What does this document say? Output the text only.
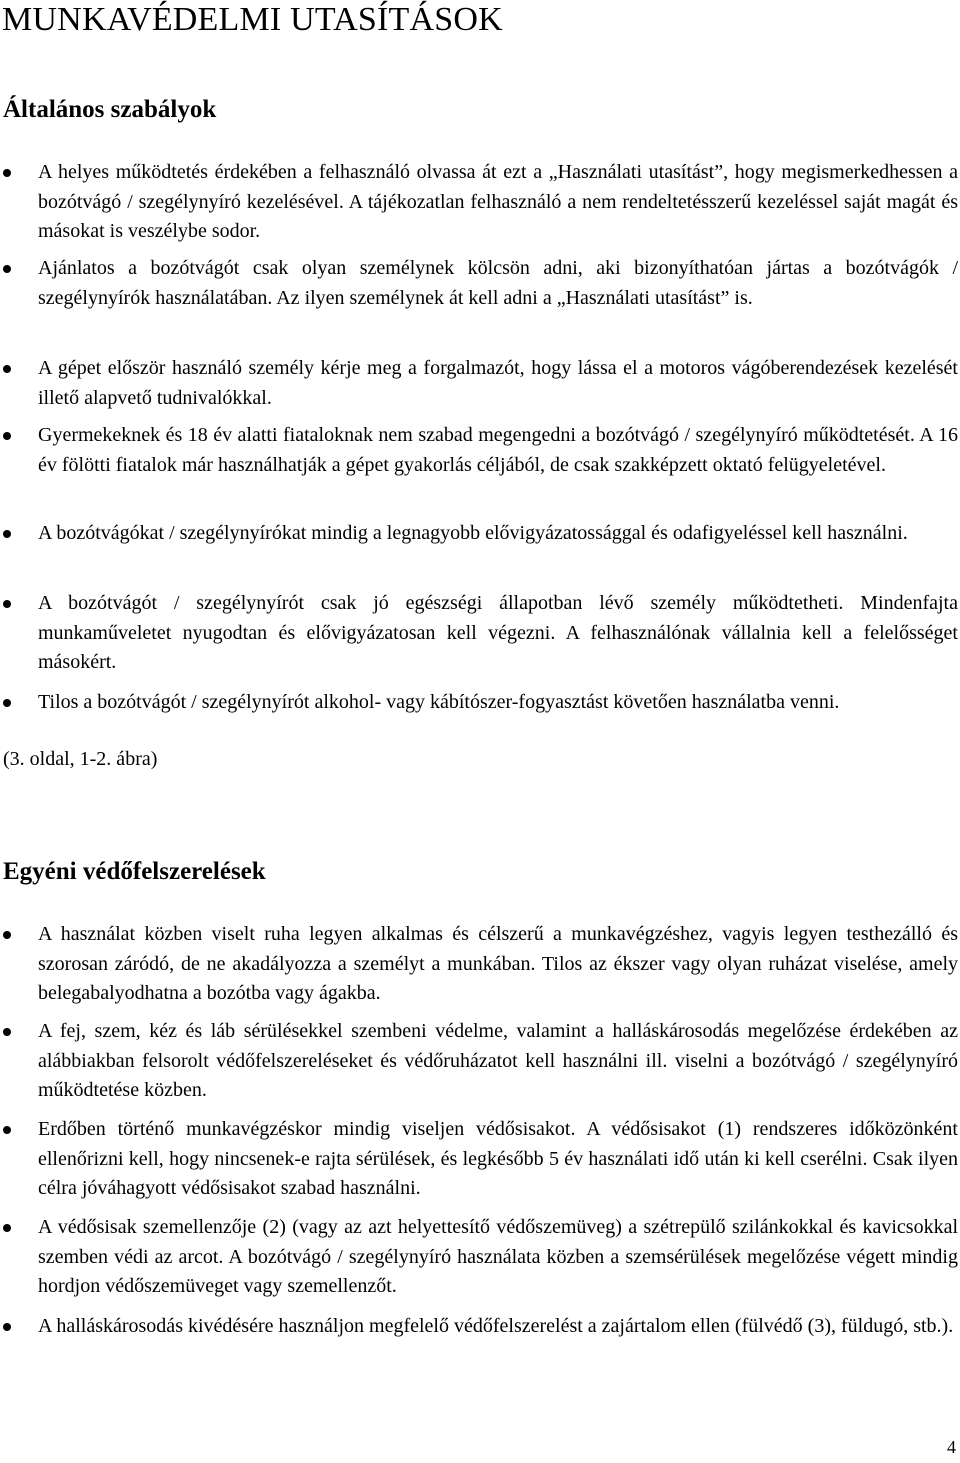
MUNKAVÉDELMI UTASÍTÁSOK
Általános szabályok
A helyes működtetés érdekében a felhasználó olvassa át ezt a „Használati utasítást”, hogy megismerkedhessen a bozótvágó / szegélynyíró kezelésével. A tájékozatlan felhasználó a nem rendeltetésszerű kezeléssel saját magát és másokat is veszélybe sodor.
Ajánlatos a bozótvágót csak olyan személynek kölcsön adni, aki bizonyíthatóan jártas a bozótvágók / szegélynyírók használatában. Az ilyen személynek át kell adni a „Használati utasítást” is.
A gépet először használó személy kérje meg a forgalmazót, hogy lássa el a motoros vágóberendezések kezelését illető alapvető tudnivalókkal.
Gyermekeknek és 18 év alatti fiataloknak nem szabad megengedni a bozótvágó / szegélynyíró működtetését. A 16 év fölötti fiatalok már használhatják a gépet gyakorlás céljából, de csak szakképzett oktató felügyeletével.
A bozótvágókat / szegélynyírókat mindig a legnagyobb elővigyázatossággal és odafigyeléssel kell használni.
A bozótvágót / szegélynyírót csak jó egészségi állapotban lévő személy működtetheti. Mindenfajta munkaműveletet nyugodtan és elővigyázatosan kell végezni. A felhasználónak vállalnia kell a felelősséget másokért.
Tilos a bozótvágót / szegélynyírót alkohol- vagy kábítószer-fogyasztást követően használatba venni.

(3. oldal, 1-2. ábra)

Egyéni védőfelszerelések
A használat közben viselt ruha legyen alkalmas és célszerű a munkavégzéshez, vagyis legyen testhezálló és szorosan záródó, de ne akadályozza a személyt a munkában. Tilos az ékszer vagy olyan ruházat viselése, amely belegabalyodhatna a bozótba vagy ágakba.
A fej, szem, kéz és láb sérülésekkel szembeni védelme, valamint a halláskárosodás megelőzése érdekében az alábbiakban felsorolt védőfelszereléseket és védőruházatot kell használni ill. viselni a bozótvágó / szegélynyíró működtetése közben.
Erdőben történő munkavégzéskor mindig viseljen védősisakot. A védősisakot (1) rendszeres időközönként ellenőrizni kell, hogy nincsenek-e rajta sérülések, és legkésőbb 5 év használati idő után ki kell cserélni. Csak ilyen célra jóváhagyott védősisakot szabad használni.
A védősisak szemellenzője (2) (vagy az azt helyettesítő védőszemüveg) a szétrepülő szilánkokkal és kavicsokkal szemben védi az arcot. A bozótvágó / szegélynyíró használata közben a szemsérülések megelőzése végett mindig hordjon védőszemüveget vagy szemellenzőt.
A halláskárosodás kivédésére használjon megfelelő védőfelszerelést a zajártalom ellen (fülvédő (3), füldugó, stb.).
4
